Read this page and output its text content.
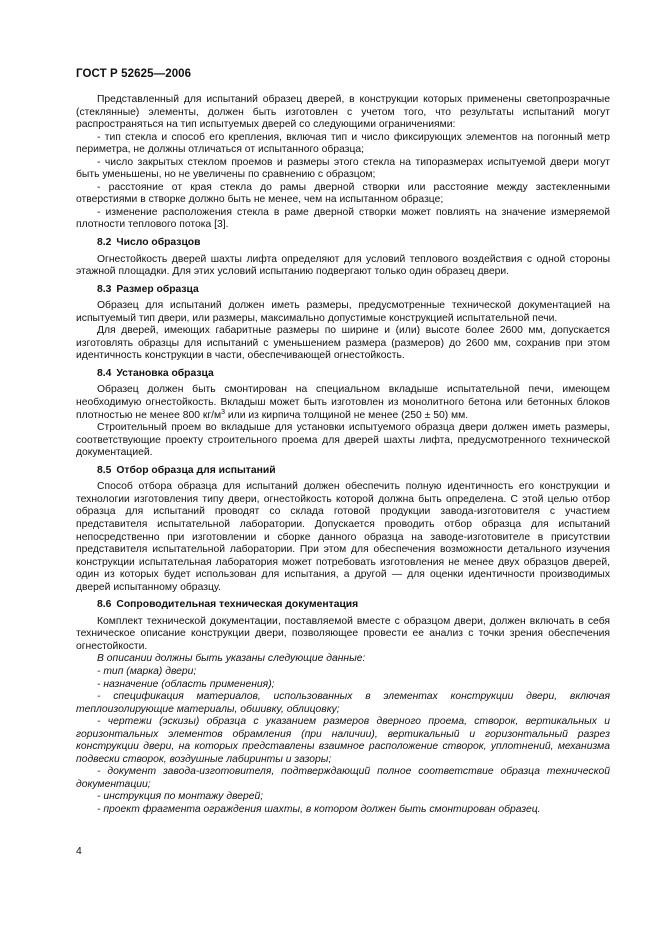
ГОСТ Р 52625—2006

Представленный для испытаний образец дверей, в конструкции которых применены светопрозрачные (стеклянные) элементы, должен быть изготовлен с учетом того, что результаты испытаний могут распространяться на тип испытуемых дверей со следующими ограничениями:

- тип стекла и способ его крепления, включая тип и число фиксирующих элементов на погонный метр периметра, не должны отличаться от испытанного образца;

- число закрытых стеклом проемов и размеры этого стекла на типоразмерах испытуемой двери могут быть уменьшены, но не увеличены по сравнению с образцом;

- расстояние от края стекла до рамы дверной створки или расстояние между застекленными отверстиями в створке должно быть не менее, чем на испытанном образце;

- изменение расположения стекла в раме дверной створки может повлиять на значение измеряемой плотности теплового потока [3].

8.2 Число образцов

Огнестойкость дверей шахты лифта определяют для условий теплового воздействия с одной стороны этажной площадки. Для этих условий испытанию подвергают только один образец двери.

8.3 Размер образца

Образец для испытаний должен иметь размеры, предусмотренные технической документацией на испытуемый тип двери, или размеры, максимально допустимые конструкцией испытательной печи.

Для дверей, имеющих габаритные размеры по ширине и (или) высоте более 2600 мм, допускается изготовлять образцы для испытаний с уменьшением размера (размеров) до 2600 мм, сохранив при этом идентичность конструкции в части, обеспечивающей огнестойкость.

8.4 Установка образца

Образец должен быть смонтирован на специальном вкладыше испытательной печи, имеющем необходимую огнестойкость. Вкладыш может быть изготовлен из монолитного бетона или бетонных блоков плотностью не менее 800 $кг/м^3$ или из кирпича толщиной не менее (250 ± 50) мм.

Строительный проем во вкладыше для установки испытуемого образца двери должен иметь размеры, соответствующие проекту строительного проема для дверей шахты лифта, предусмотренного технической документацией.

8.5 Отбор образца для испытаний

Способ отбора образца для испытаний должен обеспечить полную идентичность его конструкции и технологии изготовления типу двери, огнестойкость которой должна быть определена. С этой целью отбор образца для испытаний проводят со склада готовой продукции завода-изготовителя с участием представителя испытательной лаборатории. Допускается проводить отбор образца для испытаний непосредственно при изготовлении и сборке данного образца на заводе-изготовителе в присутствии представителя испытательной лаборатории. При этом для обеспечения возможности детального изучения конструкции испытательная лаборатория может потребовать изготовления не менее двух образцов дверей, один из которых будет использован для испытания, а другой — для оценки идентичности производимых дверей испытанному образцу.

8.6 Сопроводительная техническая документация

Комплект технической документации, поставляемой вместе с образцом двери, должен включать в себя техническое описание конструкции двери, позволяющее провести ее анализ с точки зрения обеспечения огнестойкости.

В описании должны быть указаны следующие данные:

- тип (марка) двери;

- назначение (область применения);

- спецификация материалов, использованных в элементах конструкции двери, включая теплоизолирующие материалы, обшивку, облицовку;

- чертежи (эскизы) образца с указанием размеров дверного проема, створок, вертикальных и горизонтальных элементов обрамления (при наличии), вертикальный и горизонтальный разрез конструкции двери, на которых представлены взаимное расположение створок, уплотнений, механизма подвески створок, воздушные лабиринты и зазоры;

- документ завода-изготовителя, подтверждающий полное соответствие образца технической документации;

- инструкция по монтажу дверей;

- проект фрагмента ограждения шахты, в котором должен быть смонтирован образец.

4
